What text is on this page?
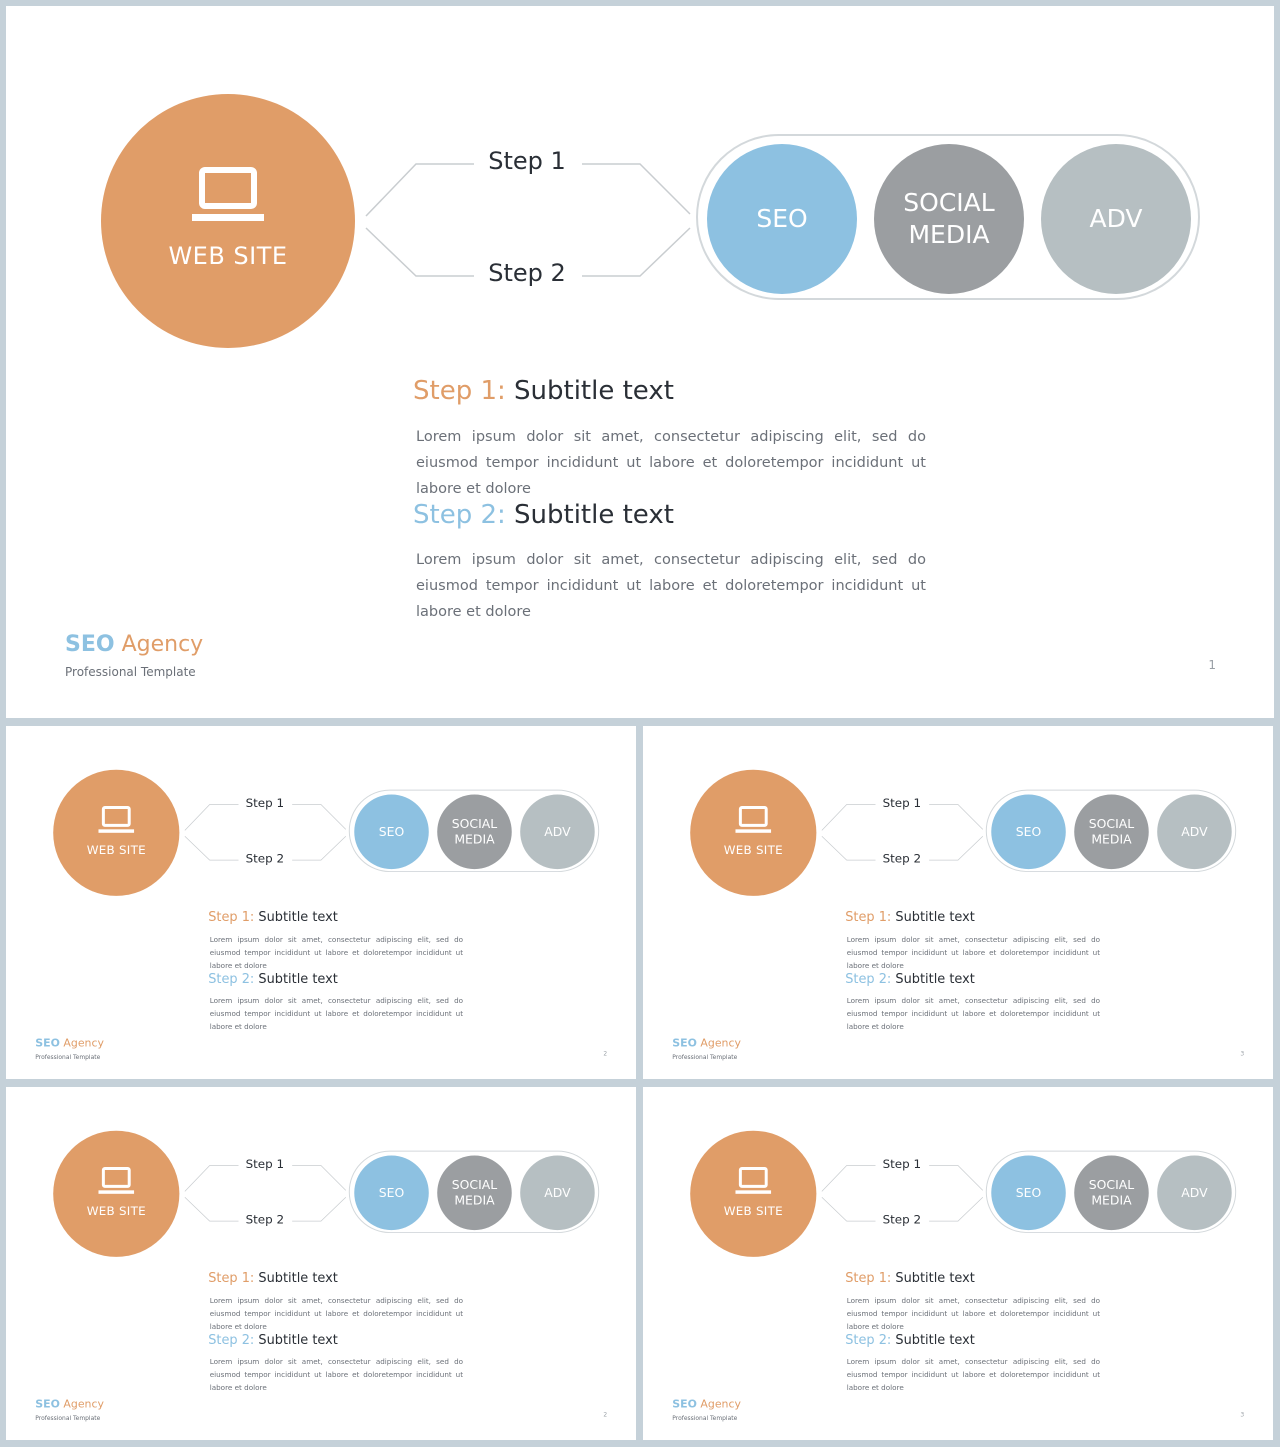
WEB SITE
Step 1
Step 2
SEO
SOCIAL
MEDIA
ADV
Step 1: Subtitle text
Lorem ipsum dolor sit amet, consectetur adipiscing elit, sed do eiusmod tempor incididunt ut labore et doloretempor incididunt ut labore et dolore
Step 2: Subtitle text
Lorem ipsum dolor sit amet, consectetur adipiscing elit, sed do eiusmod tempor incididunt ut labore et doloretempor incididunt ut labore et dolore
SEO Agency
Professional Template	1
WEB SITE
Step 1
Step 2
SEO
SOCIAL
MEDIA
ADV
Step 1: Subtitle text
Lorem ipsum dolor sit amet, consectetur adipiscing elit, sed do eiusmod tempor incididunt ut labore et doloretempor incididunt ut labore et dolore
Step 2: Subtitle text
Lorem ipsum dolor sit amet, consectetur adipiscing elit, sed do eiusmod tempor incididunt ut labore et doloretempor incididunt ut labore et dolore
SEO Agency
Professional Template
2
WEB SITE
Step 1
Step 2
SEO
SOCIAL
MEDIA
ADV
Step 1: Subtitle text
Lorem ipsum dolor sit amet, consectetur adipiscing elit, sed do eiusmod tempor incididunt ut labore et doloretempor incididunt ut labore et dolore
Step 2: Subtitle text
Lorem ipsum dolor sit amet, consectetur adipiscing elit, sed do eiusmod tempor incididunt ut labore et doloretempor incididunt ut labore et dolore
SEO Agency
Professional Template
3
WEB SITE
Step 1
Step 2
SEO
SOCIAL
MEDIA
ADV
Step 1: Subtitle text
Lorem ipsum dolor sit amet, consectetur adipiscing elit, sed do eiusmod tempor incididunt ut labore et doloretempor incididunt ut labore et dolore
Step 2: Subtitle text
Lorem ipsum dolor sit amet, consectetur adipiscing elit, sed do eiusmod tempor incididunt ut labore et doloretempor incididunt ut labore et dolore
SEO Agency
Professional Template
2
WEB SITE
Step 1
Step 2
SEO
SOCIAL
MEDIA
ADV
Step 1: Subtitle text
Lorem ipsum dolor sit amet, consectetur adipiscing elit, sed do eiusmod tempor incididunt ut labore et doloretempor incididunt ut labore et dolore
Step 2: Subtitle text
Lorem ipsum dolor sit amet, consectetur adipiscing elit, sed do eiusmod tempor incididunt ut labore et doloretempor incididunt ut labore et dolore
SEO Agency
Professional Template
3
